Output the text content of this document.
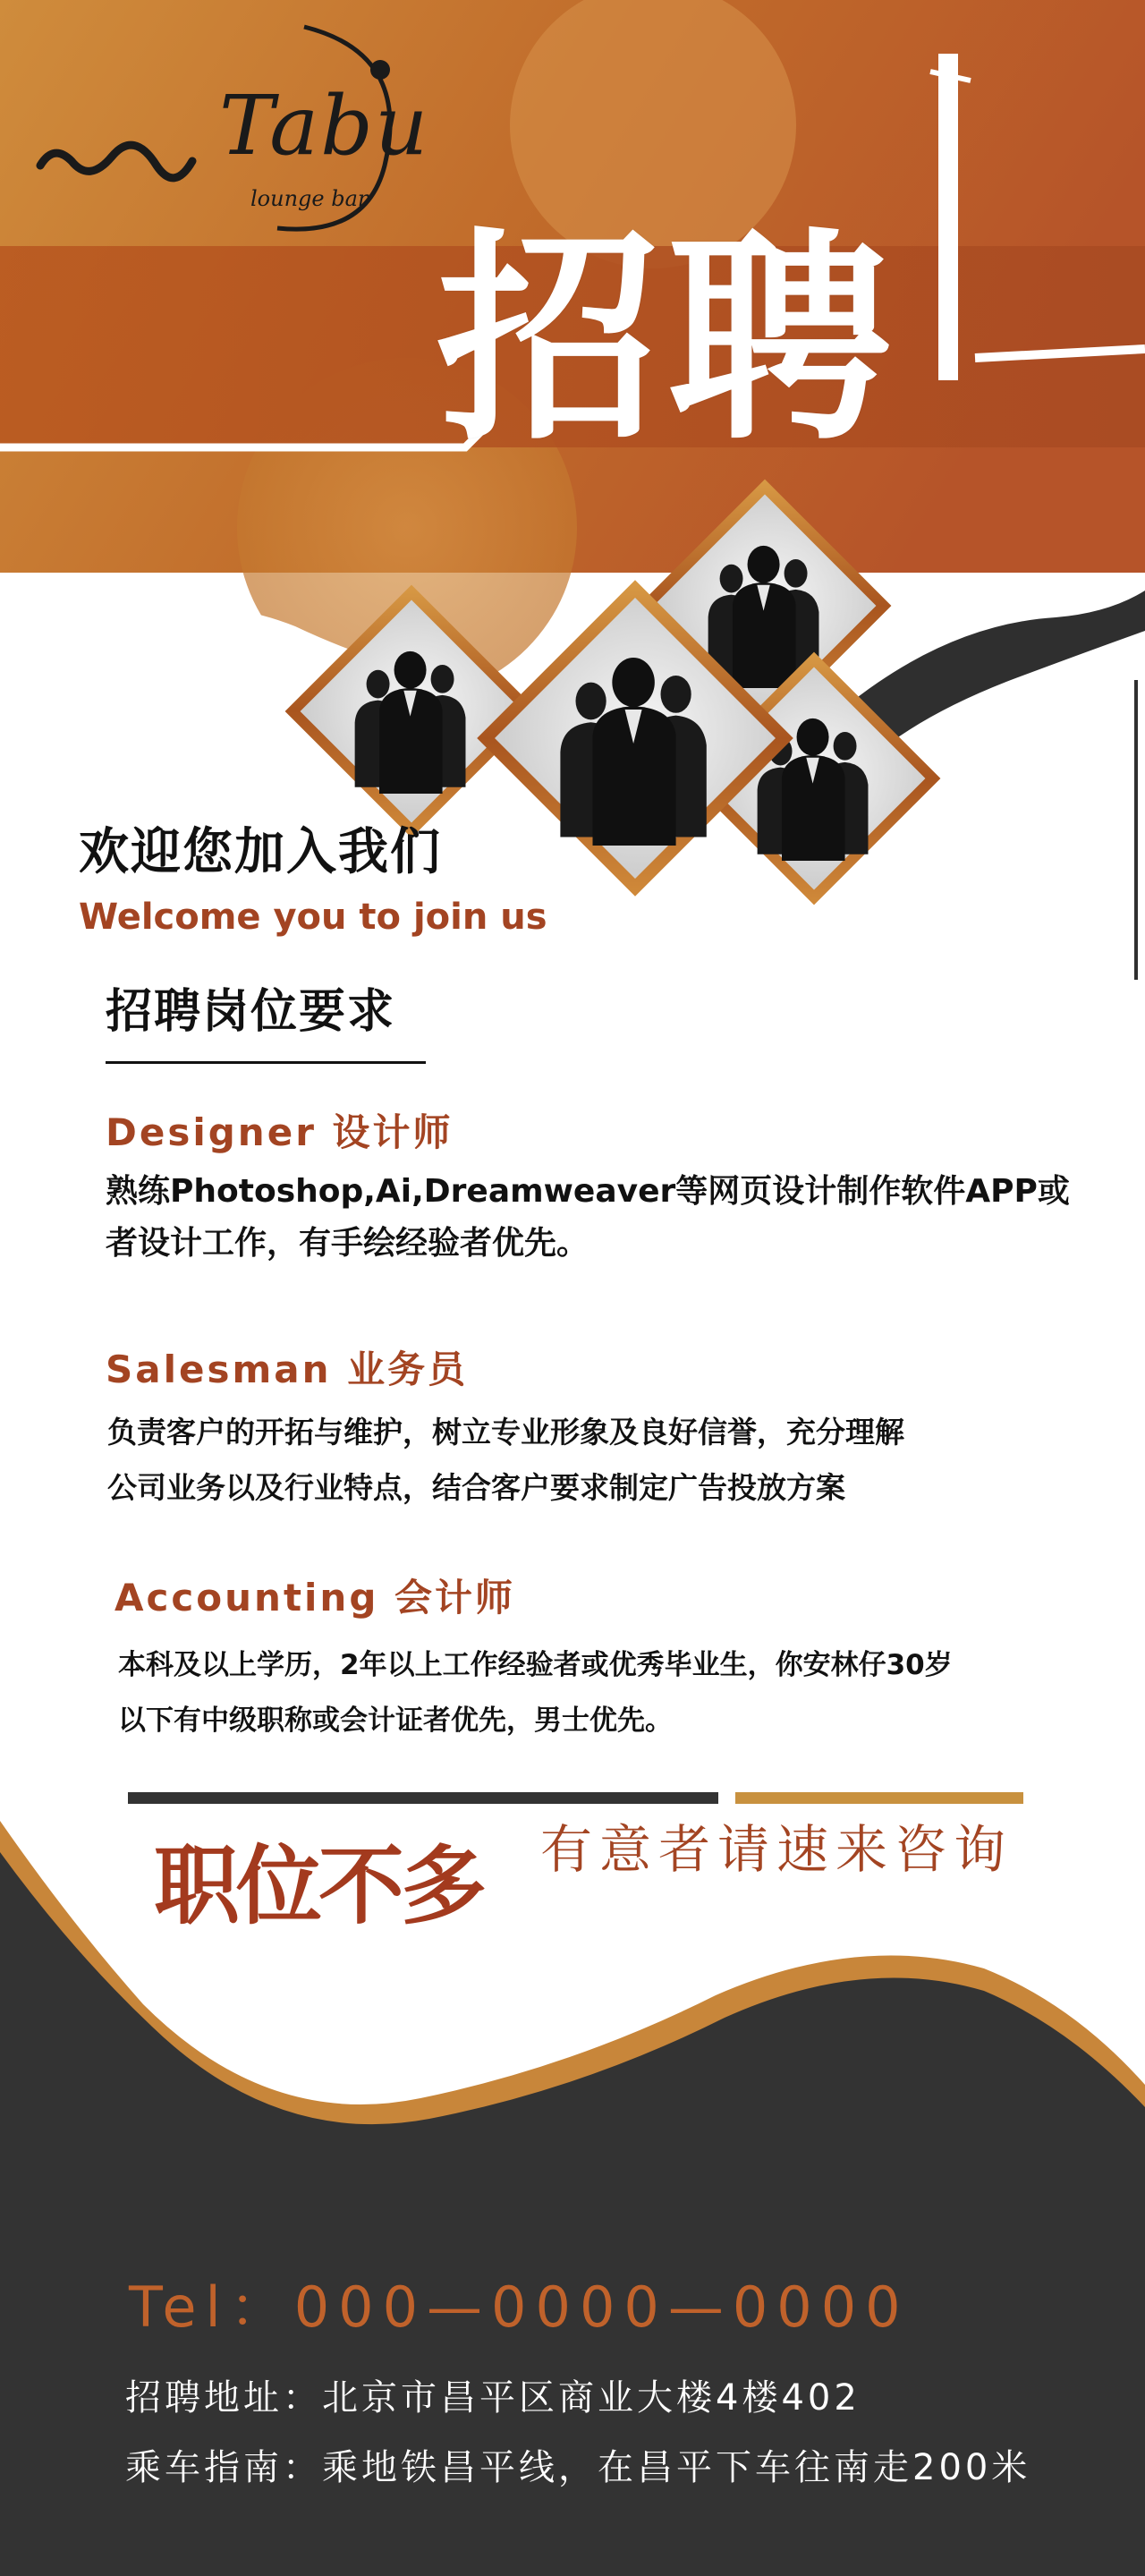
Tabu
lounge bar
招聘
欢迎您加入我们
Welcome you to join us
招聘岗位要求
Designer 设计师
熟练Photoshop,Ai,Dreamweaver等网页设计制作软件APP或
者设计工作，有手绘经验者优先。
Salesman 业务员
负责客户的开拓与维护，树立专业形象及良好信誉，充分理解
公司业务以及行业特点，结合客户要求制定广告投放方案
Accounting 会计师
本科及以上学历，2年以上工作经验者或优秀毕业生，你安林仔30岁
以下有中级职称或会计证者优先，男士优先。
职位不多 有意者请速来咨询
Tel：000—0000—0000
招聘地址：北京市昌平区商业大楼4楼402
乘车指南：乘地铁昌平线，在昌平下车往南走200米
